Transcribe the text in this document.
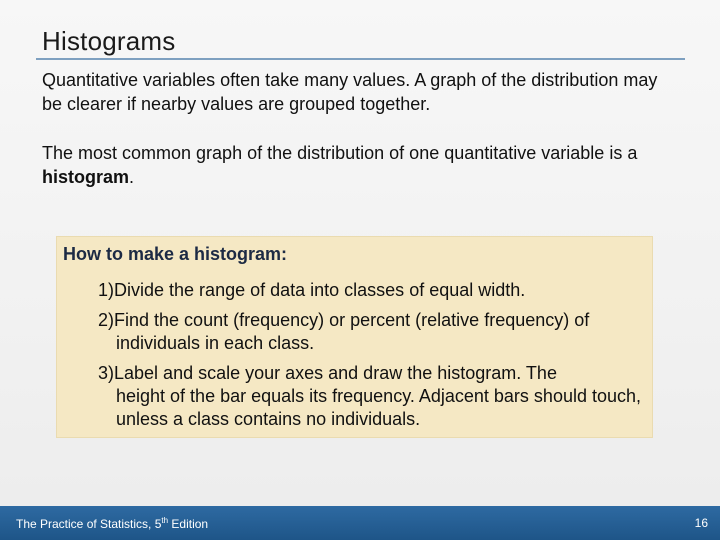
Histograms
Quantitative variables often take many values. A graph of the distribution may be clearer if nearby values are grouped together.
The most common graph of the distribution of one quantitative variable is a histogram.
How to make a histogram:
1)Divide the range of data into classes of equal width.
2)Find the count (frequency) or percent (relative frequency) of
individuals in each class.
3)Label and scale your axes and draw the histogram. The
height of the bar equals its frequency. Adjacent bars should touch, unless a class contains no individuals.
The Practice of Statistics, 5th Edition	16
